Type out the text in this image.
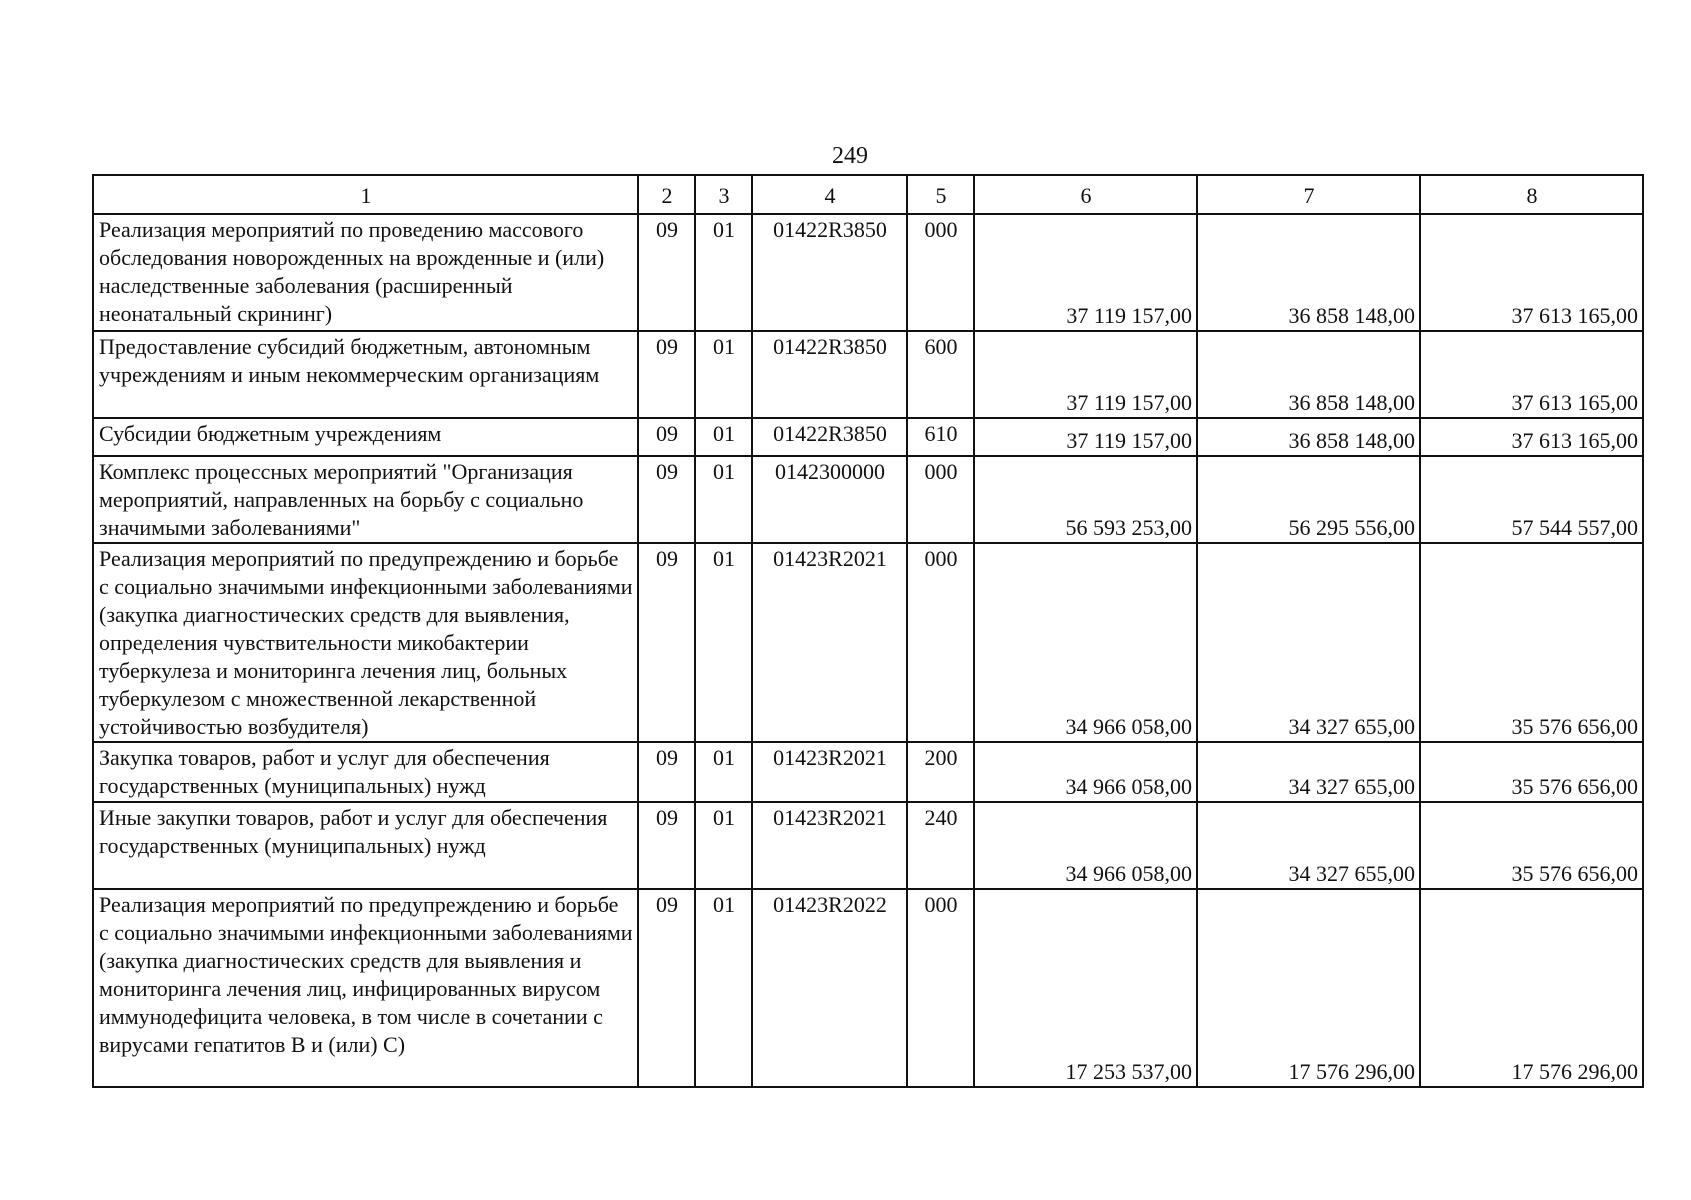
249
1	2	3	4	5	6	7	8
Реализация мероприятий по проведению массового обследования новорожденных на врожденные и (или) наследственные заболевания (расширенный неонатальный скрининг)	09	01	01422R3850	000	37 119 157,00	36 858 148,00	37 613 165,00
Предоставление субсидий бюджетным, автономным учреждениям и иным некоммерческим организациям	09	01	01422R3850	600	37 119 157,00	36 858 148,00	37 613 165,00
Субсидии бюджетным учреждениям	09	01	01422R3850	610	37 119 157,00	36 858 148,00	37 613 165,00
Комплекс процессных мероприятий "Организация мероприятий, направленных на борьбу с социально значимыми заболеваниями"	09	01	0142300000	000	56 593 253,00	56 295 556,00	57 544 557,00
Реализация мероприятий по предупреждению и борьбе с социально значимыми инфекционными заболеваниями (закупка диагностических средств для выявления, определения чувствительности микобактерии туберкулеза и мониторинга лечения лиц, больных туберкулезом с множественной лекарственной устойчивостью возбудителя)	09	01	01423R2021	000	34 966 058,00	34 327 655,00	35 576 656,00
Закупка товаров, работ и услуг для обеспечения государственных (муниципальных) нужд	09	01	01423R2021	200	34 966 058,00	34 327 655,00	35 576 656,00
Иные закупки товаров, работ и услуг для обеспечения государственных (муниципальных) нужд	09	01	01423R2021	240	34 966 058,00	34 327 655,00	35 576 656,00
Реализация мероприятий по предупреждению и борьбе с социально значимыми инфекционными заболеваниями (закупка диагностических средств для выявления и мониторинга лечения лиц, инфицированных вирусом иммунодефицита человека, в том числе в сочетании с вирусами гепатитов B и (или) C)	09	01	01423R2022	000	17 253 537,00	17 576 296,00	17 576 296,00
